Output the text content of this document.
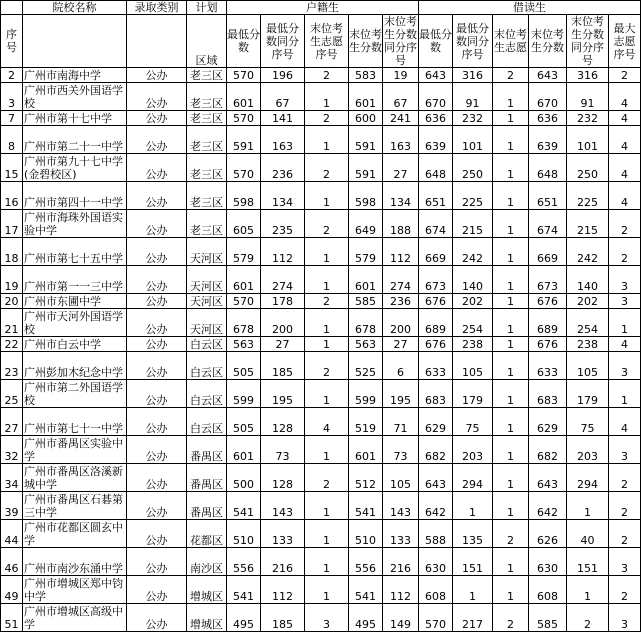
	院校名称	录取类别	计划	户籍生					借读生					
序号			区域	最低分数	最低分数同分序号	末位考生志愿序号	末位考生分数	末位考生分数同分序号	最低分数	最低分数同分序号	末位考生志愿	末位考生分数	末位考生分数同分序号	最大志愿序号
2	广州市南海中学	公办	老三区	570	196	2	583	19	643	316	2	643	316	2
3	广州市西关外国语学校	公办	老三区	601	67	1	601	67	670	91	1	670	91	4
7	广州市第十七中学	公办	老三区	570	141	2	600	241	636	232	1	636	232	4
8	广州市第二十一中学	公办	老三区	591	163	1	591	163	639	101	1	639	101	4
15	广州市第九十七中学(金碧校区)	公办	老三区	570	236	2	591	27	648	250	1	648	250	4
16	广州市第四十一中学	公办	老三区	598	134	1	598	134	651	225	1	651	225	4
17	广州市海珠外国语实验中学	公办	老三区	605	235	2	649	188	674	215	1	674	215	2
18	广州市第七十五中学	公办	天河区	579	112	1	579	112	669	242	1	669	242	2
19	广州市第一一三中学	公办	天河区	601	274	1	601	274	673	140	1	673	140	3
20	广州市东圃中学	公办	天河区	570	178	2	585	236	676	202	1	676	202	3
21	广州市天河外国语学校	公办	天河区	678	200	1	678	200	689	254	1	689	254	1
22	广州市白云中学	公办	白云区	563	27	1	563	27	676	238	1	676	238	4
23	广州彭加木纪念中学	公办	白云区	505	185	2	525	6	633	105	1	633	105	3
25	广州市第二外国语学校	公办	白云区	599	195	1	599	195	683	179	1	683	179	1
27	广州市第七十一中学	公办	白云区	505	128	4	519	71	629	75	1	629	75	4
32	广州市番禺区实验中学	公办	番禺区	601	73	1	601	73	682	203	1	682	203	3
34	广州市番禺区洛溪新城中学	公办	番禺区	500	128	2	512	105	643	294	1	643	294	2
39	广州市番禺区石碁第三中学	公办	番禺区	541	143	1	541	143	642	1	1	642	1	2
44	广州市花都区圆玄中学	公办	花都区	510	133	1	510	133	588	135	2	626	40	2
46	广州市南沙东涌中学	公办	南沙区	556	216	1	556	216	630	151	1	630	151	3
49	广州市增城区郑中钧中学	公办	增城区	541	112	1	541	112	608	1	1	608	1	2
51	广州市增城区高级中学	公办	增城区	495	185	3	495	149	570	217	2	585	2	3
